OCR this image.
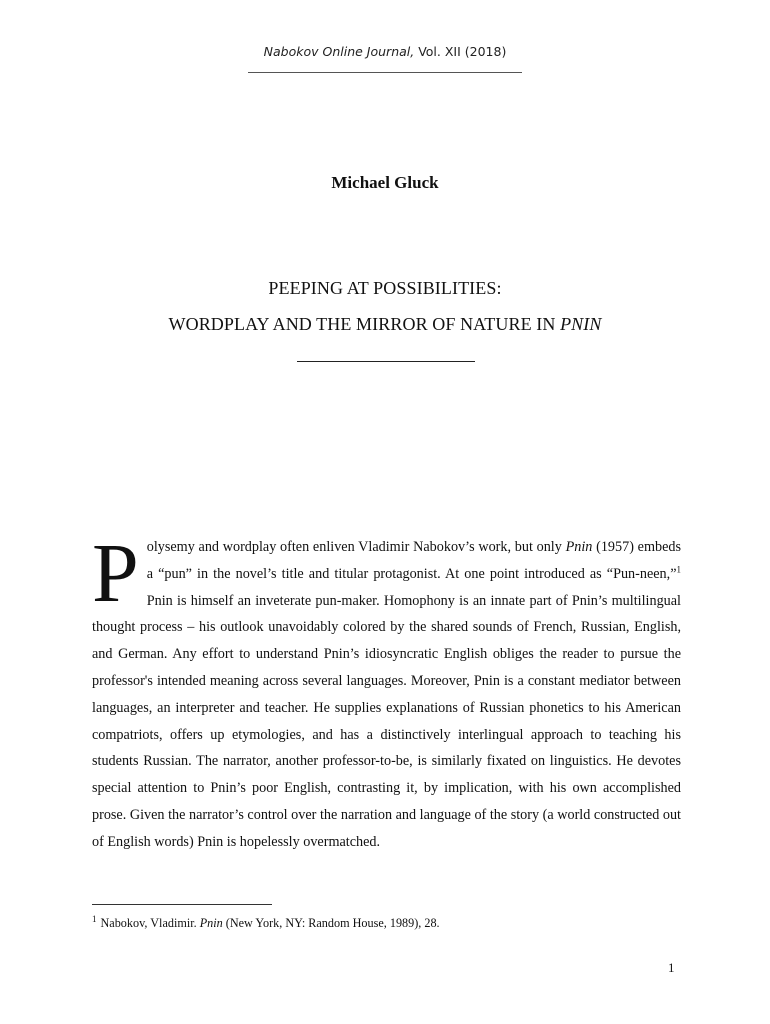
Nabokov Online Journal, Vol. XII (2018)
Michael Gluck
PEEPING AT POSSIBILITIES:
WORDPLAY AND THE MIRROR OF NATURE IN PNIN
Polysemy and wordplay often enliven Vladimir Nabokov’s work, but only Pnin (1957) embeds a “pun” in the novel’s title and titular protagonist. At one point introduced as “Pun-neen,”$^1$ Pnin is himself an inveterate pun-maker. Homophony is an innate part of Pnin’s multilingual thought process – his outlook unavoidably colored by the shared sounds of French, Russian, English, and German. Any effort to understand Pnin’s idiosyncratic English obliges the reader to pursue the professor's intended meaning across several languages. Moreover, Pnin is a constant mediator between languages, an interpreter and teacher. He supplies explanations of Russian phonetics to his American compatriots, offers up etymologies, and has a distinctively interlingual approach to teaching his students Russian. The narrator, another professor-to-be, is similarly fixated on linguistics. He devotes special attention to Pnin’s poor English, contrasting it, by implication, with his own accomplished prose. Given the narrator’s control over the narration and language of the story (a world constructed out of English words) Pnin is hopelessly overmatched.
$^1$ Nabokov, Vladimir. Pnin (New York, NY: Random House, 1989), 28.
1
